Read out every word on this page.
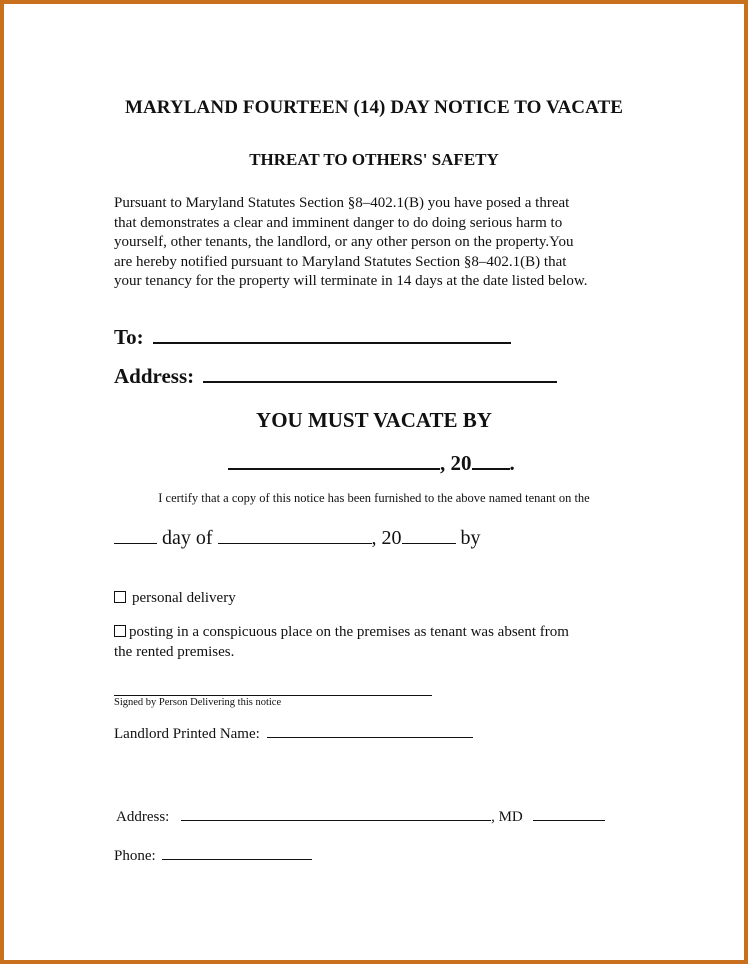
MARYLAND FOURTEEN (14) DAY NOTICE TO VACATE
THREAT TO OTHERS' SAFETY
Pursuant to Maryland Statutes Section §8–402.1(B) you have posed a threat
that demonstrates a clear and imminent danger to do doing serious harm to
yourself, other tenants, the landlord, or any other person on the property.You
are hereby notified pursuant to Maryland Statutes Section §8–402.1(B) that
your tenancy for the property will terminate in 14 days at the date listed below.
To:
Address:
YOU MUST VACATE BY
, 20 .
I certify that a copy of this notice has been furnished to the above named tenant on the
day of	, 20	by
personal delivery
posting in a conspicuous place on the premises as tenant was absent from
the rented premises.
Signed by Person Delivering this notice
Landlord Printed Name:
Address:	, MD
Phone:
